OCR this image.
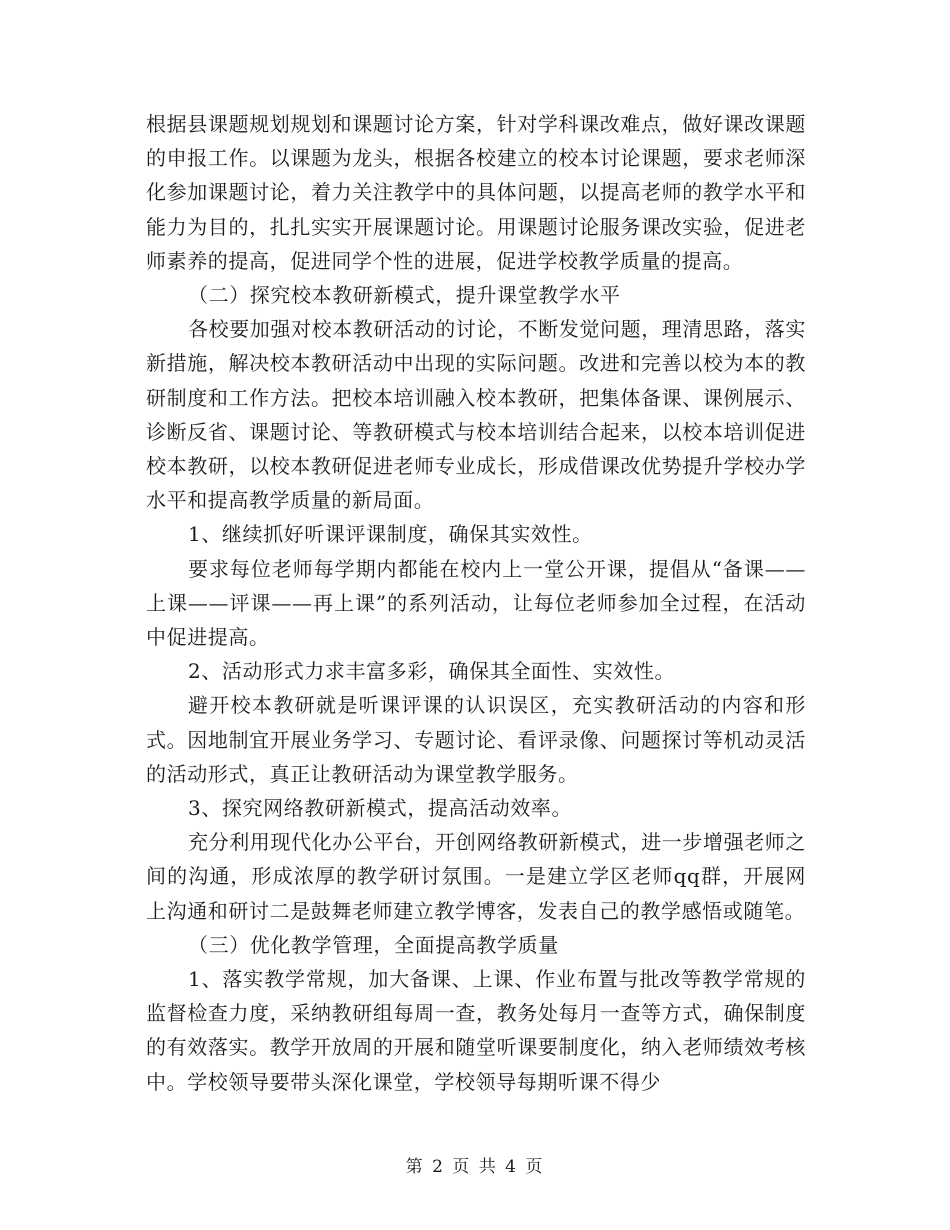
根据县课题规划规划和课题讨论方案，针对学科课改难点，做好课改课题的申报工作。以课题为龙头，根据各校建立的校本讨论课题，要求老师深化参加课题讨论，着力关注教学中的具体问题，以提高老师的教学水平和能力为目的，扎扎实实开展课题讨论。用课题讨论服务课改实验，促进老师素养的提高，促进同学个性的进展，促进学校教学质量的提高。

（二）探究校本教研新模式，提升课堂教学水平

各校要加强对校本教研活动的讨论，不断发觉问题，理清思路，落实新措施，解决校本教研活动中出现的实际问题。改进和完善以校为本的教研制度和工作方法。把校本培训融入校本教研，把集体备课、课例展示、诊断反省、课题讨论、等教研模式与校本培训结合起来，以校本培训促进校本教研，以校本教研促进老师专业成长，形成借课改优势提升学校办学水平和提高教学质量的新局面。

1、继续抓好听课评课制度，确保其实效性。

要求每位老师每学期内都能在校内上一堂公开课，提倡从“备课——上课——评课——再上课”的系列活动，让每位老师参加全过程，在活动中促进提高。

2、活动形式力求丰富多彩，确保其全面性、实效性。

避开校本教研就是听课评课的认识误区，充实教研活动的内容和形式。因地制宜开展业务学习、专题讨论、看评录像、问题探讨等机动灵活的活动形式，真正让教研活动为课堂教学服务。

3、探究网络教研新模式，提高活动效率。

充分利用现代化办公平台，开创网络教研新模式，进一步增强老师之间的沟通，形成浓厚的教学研讨氛围。一是建立学区老师qq群，开展网上沟通和研讨二是鼓舞老师建立教学博客，发表自己的教学感悟或随笔。

（三）优化教学管理，全面提高教学质量

1、落实教学常规，加大备课、上课、作业布置与批改等教学常规的监督检查力度，采纳教研组每周一查，教务处每月一查等方式，确保制度的有效落实。教学开放周的开展和随堂听课要制度化，纳入老师绩效考核中。学校领导要带头深化课堂，学校领导每期听课不得少

第 2 页 共 4 页
